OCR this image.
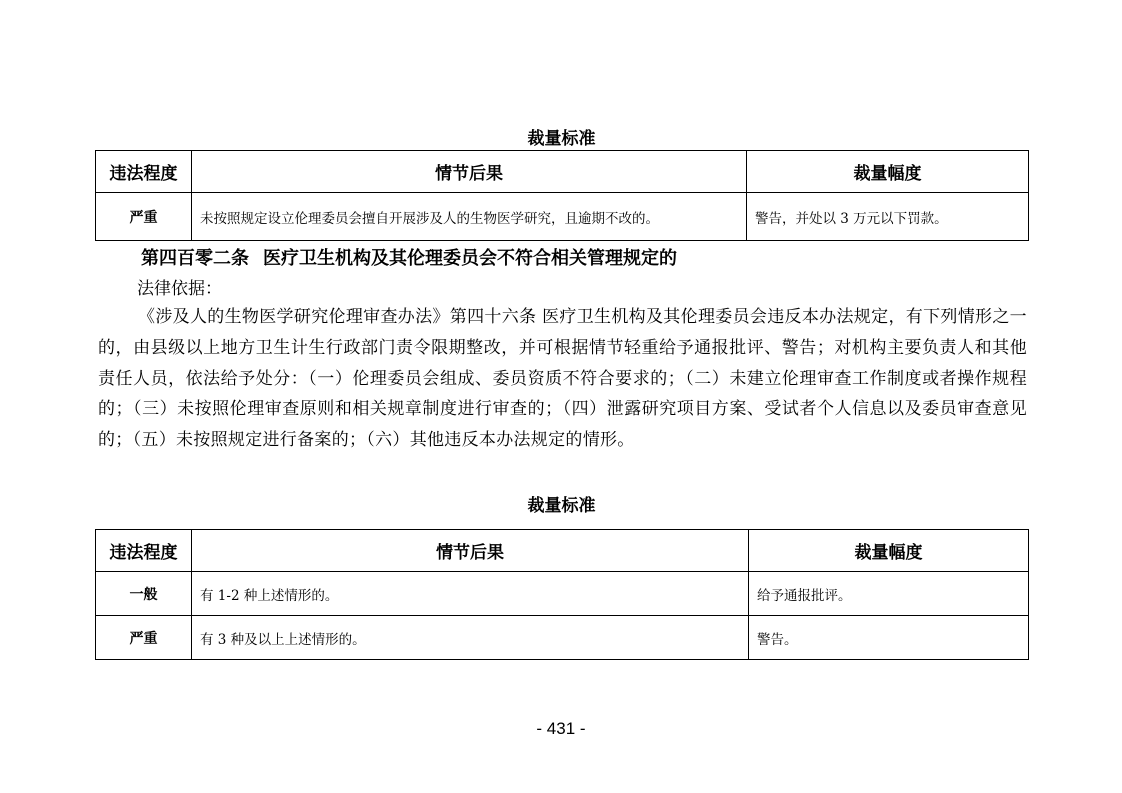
裁量标准
违法程度	情节后果	裁量幅度
严重	未按照规定设立伦理委员会擅自开展涉及人的生物医学研究，且逾期不改的。	警告，并处以 3 万元以下罚款。
第四百零二条 医疗卫生机构及其伦理委员会不符合相关管理规定的
法律依据：
《涉及人的生物医学研究伦理审查办法》第四十六条 医疗卫生机构及其伦理委员会违反本办法规定，有下列情形之一的，由县级以上地方卫生计生行政部门责令限期整改，并可根据情节轻重给予通报批评、警告；对机构主要负责人和其他责任人员，依法给予处分：（一）伦理委员会组成、委员资质不符合要求的；（二）未建立伦理审查工作制度或者操作规程的；（三）未按照伦理审查原则和相关规章制度进行审查的；（四）泄露研究项目方案、受试者个人信息以及委员审查意见的；（五）未按照规定进行备案的；（六）其他违反本办法规定的情形。
裁量标准
违法程度	情节后果	裁量幅度
一般	有 1-2 种上述情形的。	给予通报批评。
严重	有 3 种及以上上述情形的。	警告。
- 431 -
